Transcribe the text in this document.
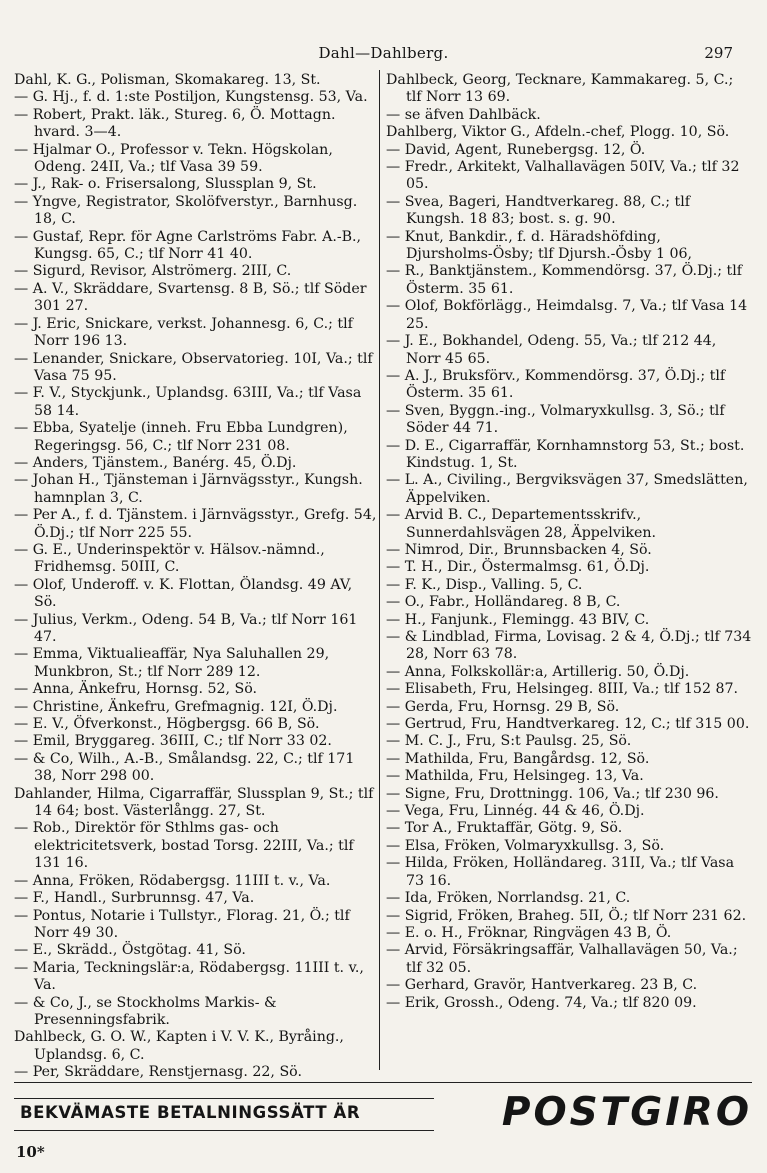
Dahl—Dahlberg.	297

Dahl, K. G., Polisman, Skomakareg. 13, St.

— G. Hj., f. d. 1:ste Postiljon, Kungstensg. 53, Va.

— Robert, Prakt. läk., Stureg. 6, Ö. Mottagn. hvard. 3—4.

— Hjalmar O., Professor v. Tekn. Högskolan, Odeng. 24II, Va.; tlf Vasa 39 59.

— J., Rak- o. Frisersalong, Slussplan 9, St.

— Yngve, Registrator, Skolöfverstyr., Barnhusg. 18, C.

— Gustaf, Repr. för Agne Carlströms Fabr. A.-B., Kungsg. 65, C.; tlf Norr 41 40.

— Sigurd, Revisor, Alströmerg. 2III, C.

— A. V., Skräddare, Svartensg. 8 B, Sö.; tlf Söder 301 27.

— J. Eric, Snickare, verkst. Johannesg. 6, C.; tlf Norr 196 13.

— Lenander, Snickare, Observatorieg. 10I, Va.; tlf Vasa 75 95.

— F. V., Styckjunk., Uplandsg. 63III, Va.; tlf Vasa 58 14.

— Ebba, Syatelje (inneh. Fru Ebba Lundgren), Regeringsg. 56, C.; tlf Norr 231 08.

— Anders, Tjänstem., Banérg. 45, Ö.Dj.

— Johan H., Tjänsteman i Järnvägsstyr., Kungsh. hamnplan 3, C.

— Per A., f. d. Tjänstem. i Järnvägsstyr., Grefg. 54, Ö.Dj.; tlf Norr 225 55.

— G. E., Underinspektör v. Hälsov.-nämnd., Fridhemsg. 50III, C.

— Olof, Underoff. v. K. Flottan, Ölandsg. 49 AV, Sö.

— Julius, Verkm., Odeng. 54 B, Va.; tlf Norr 161 47.

— Emma, Viktualieaffär, Nya Saluhallen 29, Munkbron, St.; tlf Norr 289 12.

— Anna, Änkefru, Hornsg. 52, Sö.

— Christine, Änkefru, Grefmagnig. 12I, Ö.Dj.

— E. V., Öfverkonst., Högbergsg. 66 B, Sö.

— Emil, Bryggareg. 36III, C.; tlf Norr 33 02.

— & Co, Wilh., A.-B., Smålandsg. 22, C.; tlf 171 38, Norr 298 00.

Dahlander, Hilma, Cigarraffär, Slussplan 9, St.; tlf 14 64; bost. Västerlångg. 27, St.

— Rob., Direktör för Sthlms gas- och elektricitetsverk, bostad Torsg. 22III, Va.; tlf 131 16.

— Anna, Fröken, Rödabergsg. 11III t. v., Va.

— F., Handl., Surbrunnsg. 47, Va.

— Pontus, Notarie i Tullstyr., Florag. 21, Ö.; tlf Norr 49 30.

— E., Skrädd., Östgötag. 41, Sö.

— Maria, Teckningslär:a, Rödabergsg. 11III t. v., Va.

— & Co, J., se Stockholms Markis- & Presenningsfabrik.

Dahlbeck, G. O. W., Kapten i V. V. K., Byråing., Uplandsg. 6, C.

— Per, Skräddare, Renstjernasg. 22, Sö.

Dahlbeck, Georg, Tecknare, Kammakareg. 5, C.; tlf Norr 13 69.

— se äfven Dahlbäck.

Dahlberg, Viktor G., Afdeln.-chef, Plogg. 10, Sö.

— David, Agent, Runebergsg. 12, Ö.

— Fredr., Arkitekt, Valhallavägen 50IV, Va.; tlf 32 05.

— Svea, Bageri, Handtverkareg. 88, C.; tlf Kungsh. 18 83; bost. s. g. 90.

— Knut, Bankdir., f. d. Häradshöfding, Djursholms-Ösby; tlf Djursh.-Ösby 1 06,

— R., Banktjänstem., Kommendörsg. 37, Ö.Dj.; tlf Österm. 35 61.

— Olof, Bokförlägg., Heimdalsg. 7, Va.; tlf Vasa 14 25.

— J. E., Bokhandel, Odeng. 55, Va.; tlf 212 44, Norr 45 65.

— A. J., Bruksförv., Kommendörsg. 37, Ö.Dj.; tlf Österm. 35 61.

— Sven, Byggn.-ing., Volmaryxkullsg. 3, Sö.; tlf Söder 44 71.

— D. E., Cigarraffär, Kornhamnstorg 53, St.; bost. Kindstug. 1, St.

— L. A., Civiling., Bergviksvägen 37, Smedslätten, Äppelviken.

— Arvid B. C., Departementsskrifv., Sunnerdahlsvägen 28, Äppelviken.

— Nimrod, Dir., Brunnsbacken 4, Sö.

— T. H., Dir., Östermalmsg. 61, Ö.Dj.

— F. K., Disp., Valling. 5, C.

— O., Fabr., Holländareg. 8 B, C.

— H., Fanjunk., Flemingg. 43 BIV, C.

— & Lindblad, Firma, Lovisag. 2 & 4, Ö.Dj.; tlf 734 28, Norr 63 78.

— Anna, Folkskollär:a, Artillerig. 50, Ö.Dj.

— Elisabeth, Fru, Helsingeg. 8III, Va.; tlf 152 87.

— Gerda, Fru, Hornsg. 29 B, Sö.

— Gertrud, Fru, Handtverkareg. 12, C.; tlf 315 00.

— M. C. J., Fru, S:t Paulsg. 25, Sö.

— Mathilda, Fru, Bangårdsg. 12, Sö.

— Mathilda, Fru, Helsingeg. 13, Va.

— Signe, Fru, Drottningg. 106, Va.; tlf 230 96.

— Vega, Fru, Linnég. 44 & 46, Ö.Dj.

— Tor A., Fruktaffär, Götg. 9, Sö.

— Elsa, Fröken, Volmaryxkullsg. 3, Sö.

— Hilda, Fröken, Holländareg. 31II, Va.; tlf Vasa 73 16.

— Ida, Fröken, Norrlandsg. 21, C.

— Sigrid, Fröken, Braheg. 5II, Ö.; tlf Norr 231 62.

— E. o. H., Fröknar, Ringvägen 43 B, Ö.

— Arvid, Försäkringsaffär, Valhallavägen 50, Va.; tlf 32 05.

— Gerhard, Gravör, Hantverkareg. 23 B, C.

— Erik, Grossh., Odeng. 74, Va.; tlf 820 09.

BEKVÄMASTE BETALNINGSSÄTT ÄR	POSTGIRO
10*
